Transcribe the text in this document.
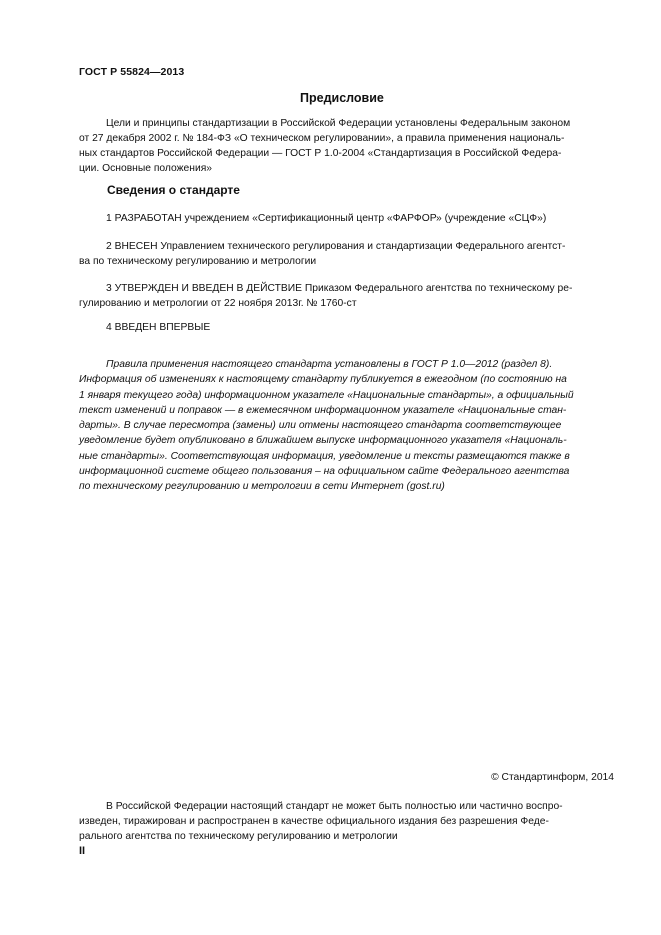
ГОСТ Р 55824—2013
Предисловие
Цели и принципы стандартизации в Российской Федерации установлены Федеральным законом
от 27 декабря 2002 г. № 184-ФЗ «О техническом регулировании», а правила применения националь-
ных стандартов Российской Федерации — ГОСТ Р 1.0-2004 «Стандартизация в Российской Федера-
ции. Основные положения»
Сведения о стандарте
1 РАЗРАБОТАН учреждением «Сертификационный центр «ФАРФОР» (учреждение «СЦФ»)
2 ВНЕСЕН Управлением технического регулирования и стандартизации Федерального агентст-
ва по техническому регулированию и метрологии
3 УТВЕРЖДЕН И ВВЕДЕН В ДЕЙСТВИЕ Приказом Федерального агентства по техническому ре-
гулированию и метрологии от 22 ноября 2013г. № 1760-ст
4 ВВЕДЕН ВПЕРВЫЕ
Правила применения настоящего стандарта установлены в ГОСТ Р 1.0—2012 (раздел 8).
Информация об изменениях к настоящему стандарту публикуется в ежегодном (по состоянию на
1 января текущего года) информационном указателе «Национальные стандарты», а официальный
текст изменений и поправок — в ежемесячном информационном указателе «Национальные стан-
дарты». В случае пересмотра (замены) или отмены настоящего стандарта соответствующее
уведомление будет опубликовано в ближайшем выпуске информационного указателя «Националь-
ные стандарты». Соответствующая информация, уведомление и тексты размещаются также в
информационной системе общего пользования – на официальном сайте Федерального агентства
по техническому регулированию и метрологии в сети Интернет (gost.ru)
© Стандартинформ, 2014
В Российской Федерации настоящий стандарт не может быть полностью или частично воспро-
изведен, тиражирован и распространен в качестве официального издания без разрешения Феде-
рального агентства по техническому регулированию и метрологии
II
